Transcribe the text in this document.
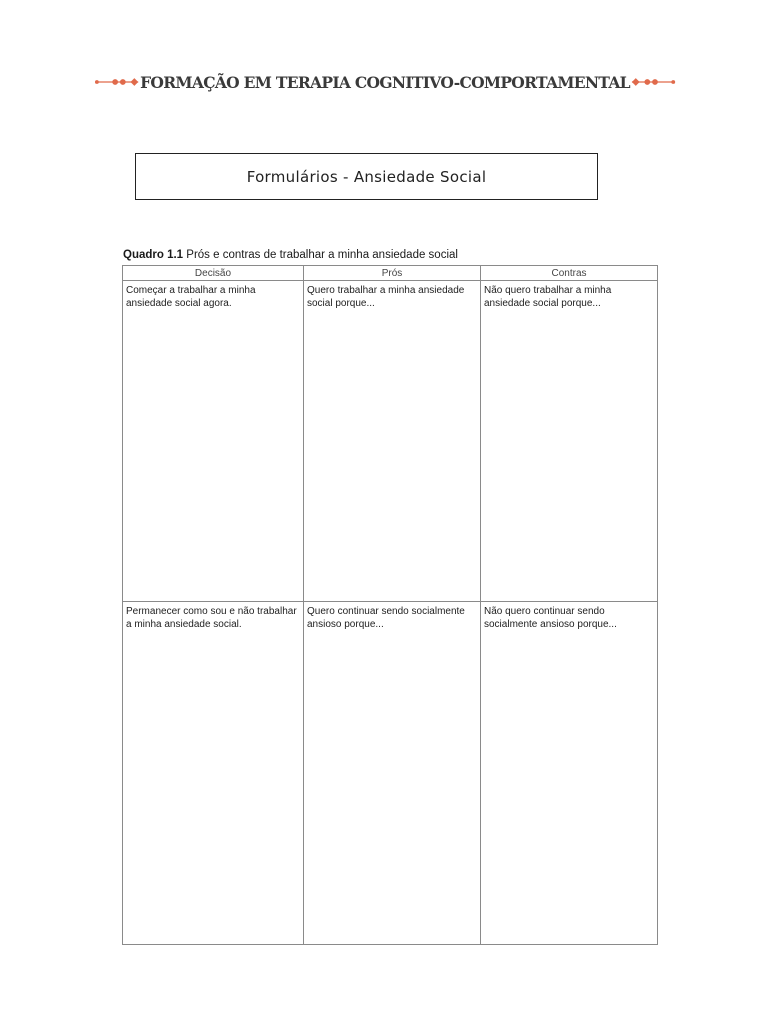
FORMAÇÃO EM TERAPIA COGNITIVO-COMPORTAMENTAL
Formulários - Ansiedade Social
Quadro 1.1 Prós e contras de trabalhar a minha ansiedade social
Decisão	Prós	Contras
Começar a trabalhar a minha ansiedade social agora.	Quero trabalhar a minha ansiedade social porque...	Não quero trabalhar a minha ansiedade social porque...
Permanecer como sou e não trabalhar a minha ansiedade social.	Quero continuar sendo socialmente ansioso porque...	Não quero continuar sendo socialmente ansioso porque...
